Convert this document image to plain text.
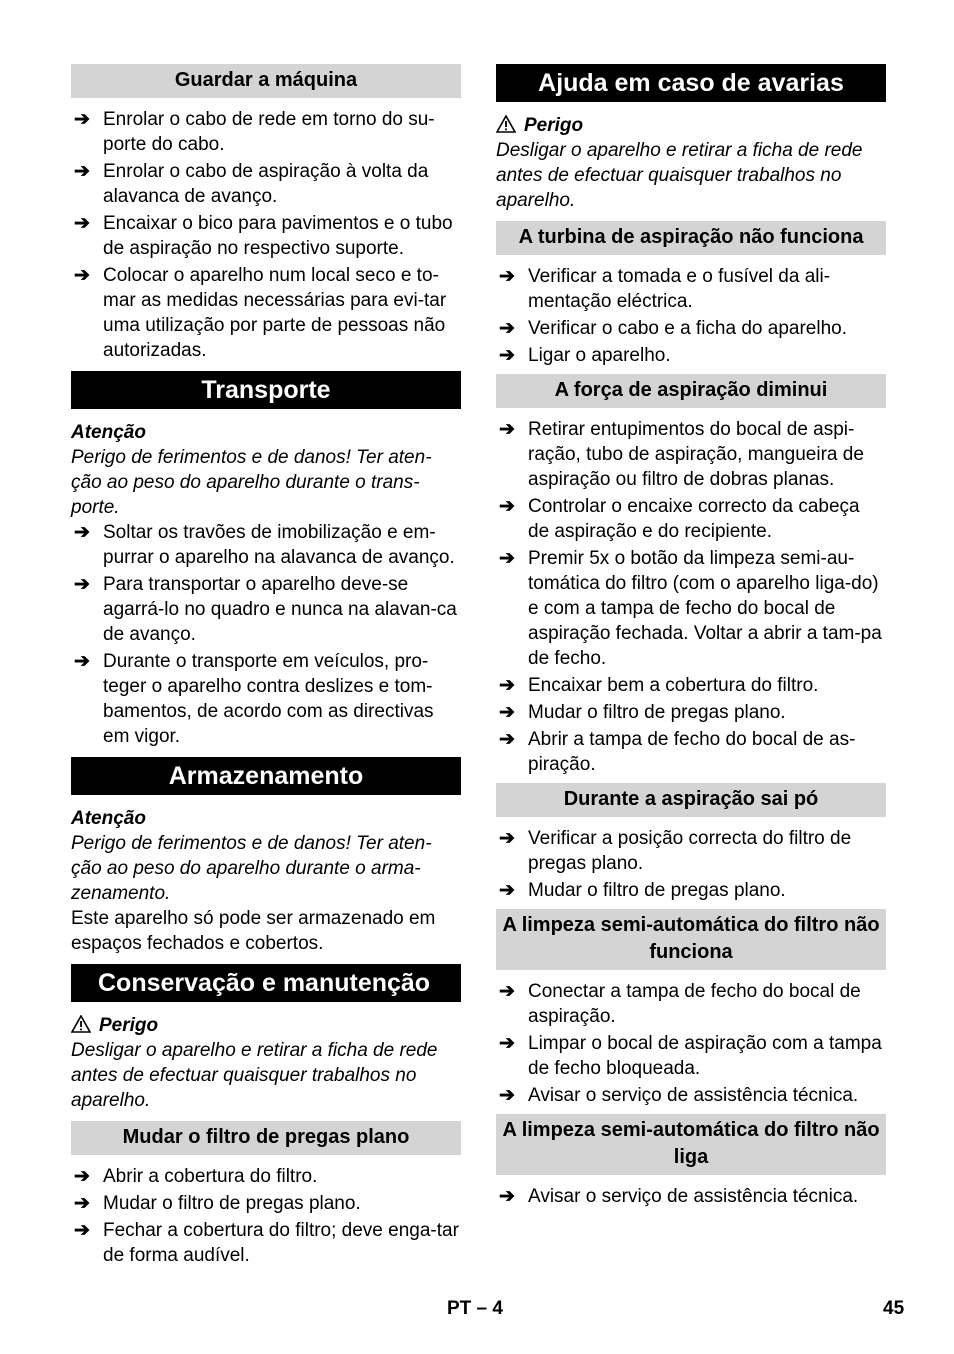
Guardar a máquina
➔ Enrolar o cabo de rede em torno do su-porte do cabo.
➔ Enrolar o cabo de aspiração à volta da alavanca de avanço.
➔ Encaixar o bico para pavimentos e o tubo de aspiração no respectivo suporte.
➔ Colocar o aparelho num local seco e to-mar as medidas necessárias para evi-tar uma utilização por parte de pessoas não autorizadas.
Transporte
Atenção
Perigo de ferimentos e de danos! Ter aten-ção ao peso do aparelho durante o trans-porte.
➔ Soltar os travões de imobilização e em-purrar o aparelho na alavanca de avanço.
➔ Para transportar o aparelho deve-se agarrá-lo no quadro e nunca na alavan-ca de avanço.
➔ Durante o transporte em veículos, pro-teger o aparelho contra deslizes e tom-bamentos, de acordo com as directivas em vigor.
Armazenamento
Atenção
Perigo de ferimentos e de danos! Ter aten-ção ao peso do aparelho durante o arma-zenamento.
Este aparelho só pode ser armazenado em espaços fechados e cobertos.
Conservação e manutenção
Perigo
Desligar o aparelho e retirar a ficha de rede antes de efectuar quaisquer trabalhos no aparelho.
Mudar o filtro de pregas plano
➔ Abrir a cobertura do filtro.
➔ Mudar o filtro de pregas plano.
➔ Fechar a cobertura do filtro; deve enga-tar de forma audível.
Ajuda em caso de avarias
Perigo
Desligar o aparelho e retirar a ficha de rede antes de efectuar quaisquer trabalhos no aparelho.
A turbina de aspiração não funciona
➔ Verificar a tomada e o fusível da ali-mentação eléctrica.
➔ Verificar o cabo e a ficha do aparelho.
➔ Ligar o aparelho.
A força de aspiração diminui
➔ Retirar entupimentos do bocal de aspi-ração, tubo de aspiração, mangueira de aspiração ou filtro de dobras planas.
➔ Controlar o encaixe correcto da cabeça de aspiração e do recipiente.
➔ Premir 5x o botão da limpeza semi-au-tomática do filtro (com o aparelho liga-do) e com a tampa de fecho do bocal de aspiração fechada. Voltar a abrir a tam-pa de fecho.
➔ Encaixar bem a cobertura do filtro.
➔ Mudar o filtro de pregas plano.
➔ Abrir a tampa de fecho do bocal de as-piração.
Durante a aspiração sai pó
➔ Verificar a posição correcta do filtro de pregas plano.
➔ Mudar o filtro de pregas plano.
A limpeza semi-automática do filtro não funciona
➔ Conectar a tampa de fecho do bocal de aspiração.
➔ Limpar o bocal de aspiração com a tampa de fecho bloqueada.
➔ Avisar o serviço de assistência técnica.
A limpeza semi-automática do filtro não liga
➔ Avisar o serviço de assistência técnica.
PT – 4	45
